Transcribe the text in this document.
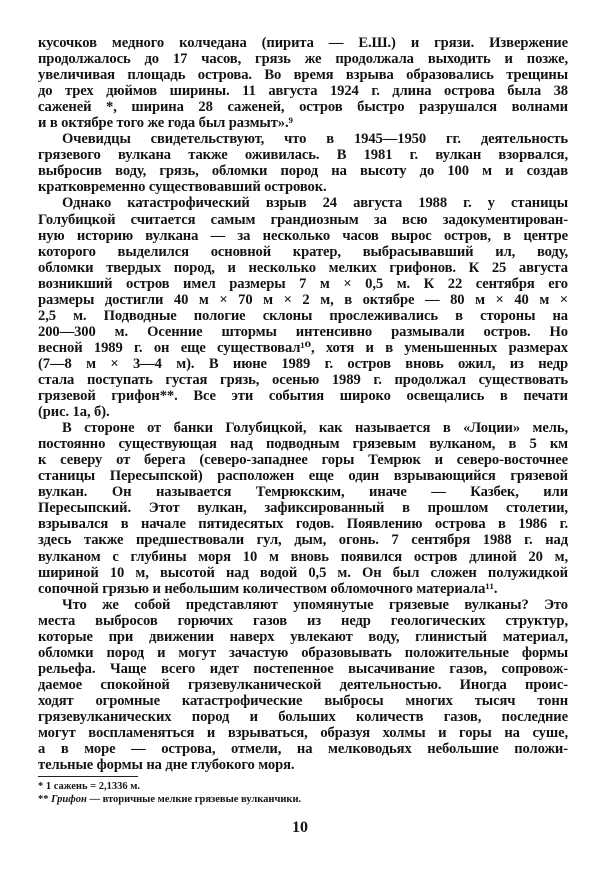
кусочков медного колчедана (пирита — Е.Ш.) и грязи. Извержение
продолжалось до 17 часов, грязь же продолжала выходить и позже,
увеличивая площадь острова. Во время взрыва образовались трещины
до трех дюймов ширины. 11 августа 1924 г. длина острова была 38
саженей *, ширина 28 саженей, остров быстро разрушался волнами
и в октябре того же года был размыт».⁹
Очевидцы свидетельствуют, что в 1945—1950 гг. деятельность
грязевого вулкана также оживилась. В 1981 г. вулкан взорвался,
выбросив воду, грязь, обломки пород на высоту до 100 м и создав
кратковременно существовавший островок.
Однако катастрофический взрыв 24 августа 1988 г. у станицы
Голубицкой считается самым грандиозным за всю задокументирован-
ную историю вулкана — за несколько часов вырос остров, в центре
которого выделился основной кратер, выбрасывавший ил, воду,
обломки твердых пород, и несколько мелких грифонов. К 25 августа
возникший остров имел размеры 7 м × 0,5 м. К 22 сентября его
размеры достигли 40 м × 70 м × 2 м, в октябре — 80 м × 40 м ×
2,5 м. Подводные пологие склоны прослеживались в стороны на
200—300 м. Осенние штормы интенсивно размывали остров. Но
весной 1989 г. он еще существовал¹⁰, хотя и в уменьшенных размерах
(7—8 м × 3—4 м). В июне 1989 г. остров вновь ожил, из недр
стала поступать густая грязь, осенью 1989 г. продолжал существовать
грязевой грифон**. Все эти события широко освещались в печати
(рис. 1а, б).
В стороне от банки Голубицкой, как называется в «Лоции» мель,
постоянно существующая над подводным грязевым вулканом, в 5 км
к северу от берега (северо-западнее горы Темрюк и северо-восточнее
станицы Пересыпской) расположен еще один взрывающийся грязевой
вулкан. Он называется Темрюкским, иначе — Казбек, или
Пересыпский. Этот вулкан, зафиксированный в прошлом столетии,
взрывался в начале пятидесятых годов. Появлению острова в 1986 г.
здесь также предшествовали гул, дым, огонь. 7 сентября 1988 г. над
вулканом с глубины моря 10 м вновь появился остров длиной 20 м,
шириной 10 м, высотой над водой 0,5 м. Он был сложен полужидкой
сопочной грязью и небольшим количеством обломочного материала¹¹.
Что же собой представляют упомянутые грязевые вулканы? Это
места выбросов горючих газов из недр геологических структур,
которые при движении наверх увлекают воду, глинистый материал,
обломки пород и могут зачастую образовывать положительные формы
рельефа. Чаще всего идет постепенное высачивание газов, сопровож-
даемое спокойной грязевулканической деятельностью. Иногда проис-
ходят огромные катастрофические выбросы многих тысяч тонн
грязевулканических пород и больших количеств газов, последние
могут воспламеняться и взрываться, образуя холмы и горы на суше,
а в море — острова, отмели, на мелководьях небольшие положи-
тельные формы на дне глубокого моря.
* 1 сажень = 2,1336 м.
** Грифон — вторичные мелкие грязевые вулканчики.
10
